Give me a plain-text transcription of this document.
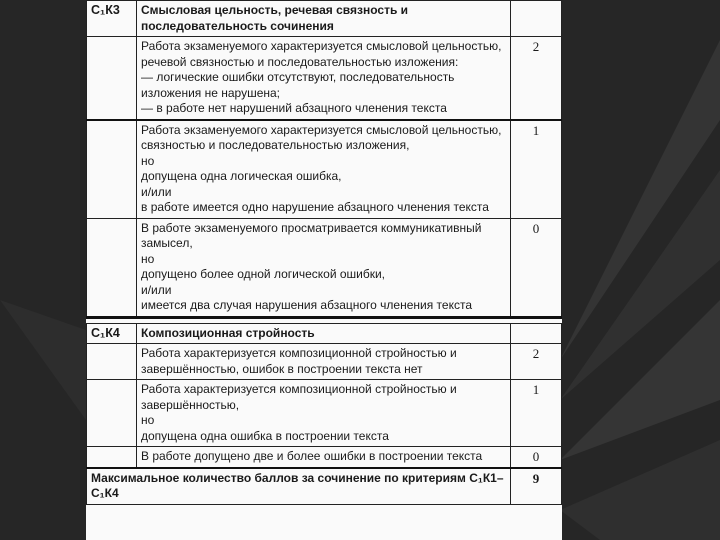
С₁К3	Смысловая цельность, речевая связность и последовательность сочинения	
	Работа экзаменуемого характеризуется смысловой цельностью, речевой связностью и последовательностью изложения:
— логические ошибки отсутствуют, последовательность изложения не нарушена;
— в работе нет нарушений абзацного членения текста	2
	Работа экзаменуемого характеризуется смысловой цельностью, связностью и последовательностью изложения,
но
допущена одна логическая ошибка,
и/или
в работе имеется одно нарушение абзацного членения текста	1
	В работе экзаменуемого просматривается коммуникативный замысел,
но
допущено более одной логической ошибки,
и/или
имеется два случая нарушения абзацного членения текста	0

С₁К4	Композиционная стройность	
	Работа характеризуется композиционной стройностью и завершённостью, ошибок в построении текста нет	2
	Работа характеризуется композиционной стройностью и завершённостью,
но
допущена одна ошибка в построении текста	1
	В работе допущено две и более ошибки в построении текста	0
Максимальное количество баллов за сочинение по критериям С₁К1–С₁К4		9
